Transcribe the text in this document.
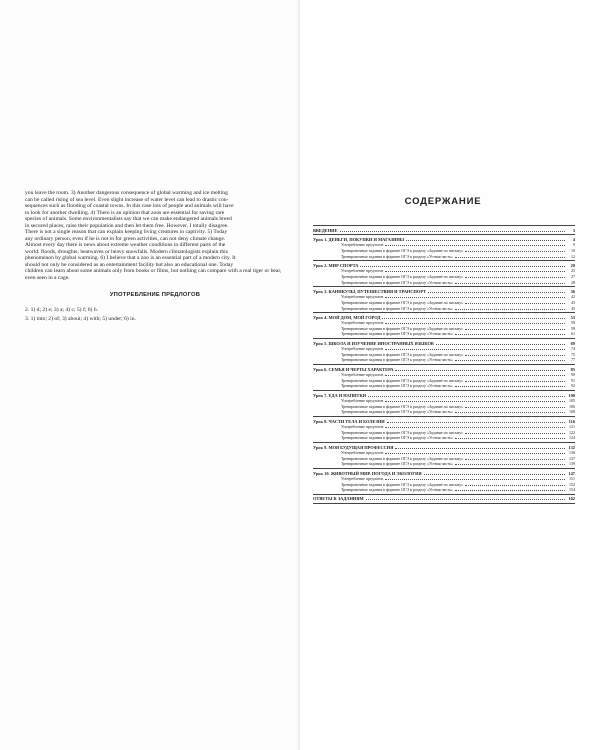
you leave the room. 3) Another dangerous consequence of global warming and ice melting
can be called rising of sea level. Even slight increase of water level can lead to drastic con-
sequences such as flooding of coastal towns. In this case lots of people and animals will have
to look for another dwelling. 4) There is an opinion that zoos are essential for saving rare
species of animals. Some environmentalists say that we can make endangered animals breed
in secured places, raise their population and then let them free. However, I totally disagree.
There is not a single reason that can explain keeping living creatures in captivity. 5) Today
any ordinary person, even if he is not in for green activities, can not deny climate change.
Almost every day there is news about extreme weather conditions in different parts of the
world: floods, droughts; heatwaves or heavy snowfalls. Modern climatologists explain this
phenomenon by global warming. 6) I believe that a zoo is an essential part of a modern city. It
should not only be considered as an entertainment facility but also an educational one. Today
children can learn about some animals only from books or films, but nothing can compare with a real tiger or bear, even seen in a cage.
УПОТРЕБЛЕНИЕ ПРЕДЛОГОВ
2. 1) d; 2) e; 3) a; 4) c; 5) f; 6) b.
3. 1) into; 2) of; 3) about; 4) with; 5) under; 6) in.
СОДЕРЖАНИЕ
ВВЕДЕНИЕ	3
Урок 1. ДЕНЬГИ, ПОКУПКИ И МАГАЗИНЫ	4
Употребление предлогов	9
Тренировочные задания в формате ОГЭ к разделу «Задание по письму»	10
Тренировочные задания в формате ОГЭ к разделу «Устная часть»	12
Урок 2. МИР СПОРТА	20
Употребление предлогов	25
Тренировочные задания в формате ОГЭ к разделу «Задание по письму»	27
Тренировочные задания в формате ОГЭ к разделу «Устная часть»	28
Урок 3. КАНИКУЛЫ, ПУТЕШЕСТВИЯ И ТРАНСПОРТ	36
Употребление предлогов	42
Тренировочные задания в формате ОГЭ к разделу «Задание по письму»	43
Тренировочные задания в формате ОГЭ к разделу «Устная часть»	45
Урок 4. МОЙ ДОМ, МОЙ ГОРОД	53
Употребление предлогов	58
Тренировочные задания в формате ОГЭ к разделу «Задание по письму»	59
Тренировочные задания в формате ОГЭ к разделу «Устная часть»	61
Урок 5. ШКОЛА И ИЗУЧЕНИЕ ИНОСТРАННЫХ ЯЗЫКОВ	69
Употребление предлогов	74
Тренировочные задания в формате ОГЭ к разделу «Задание по письму»	75
Тренировочные задания в формате ОГЭ к разделу «Устная часть»	77
Урок 6. СЕМЬЯ И ЧЕРТЫ ХАРАКТЕРА	85
Употребление предлогов	90
Тренировочные задания в формате ОГЭ к разделу «Задание по письму»	91
Тренировочные задания в формате ОГЭ к разделу «Устная часть»	92
Урок 7. ЕДА И НАПИТКИ	100
Употребление предлогов	105
Тренировочные задания в формате ОГЭ к разделу «Задание по письму»	106
Тренировочные задания в формате ОГЭ к разделу «Устная часть»	108
Урок 8. ЧАСТИ ТЕЛА И БОЛЕЗНИ	116
Употребление предлогов	121
Тренировочные задания в формате ОГЭ к разделу «Задание по письму»	122
Тренировочные задания в формате ОГЭ к разделу «Устная часть»	124
Урок 9. МОЯ БУДУЩАЯ ПРОФЕССИЯ	132
Употребление предлогов	136
Тренировочные задания в формате ОГЭ к разделу «Задание по письму»	137
Тренировочные задания в формате ОГЭ к разделу «Устная часть»	139
Урок 10. ЖИВОТНЫЙ МИР. ПОГОДА И ЭКОЛОГИЯ	147
Употребление предлогов	151
Тренировочные задания в формате ОГЭ к разделу «Задание по письму»	152
Тренировочные задания в формате ОГЭ к разделу «Устная часть»	154
ОТВЕТЫ К ЗАДАНИЯМ	162
